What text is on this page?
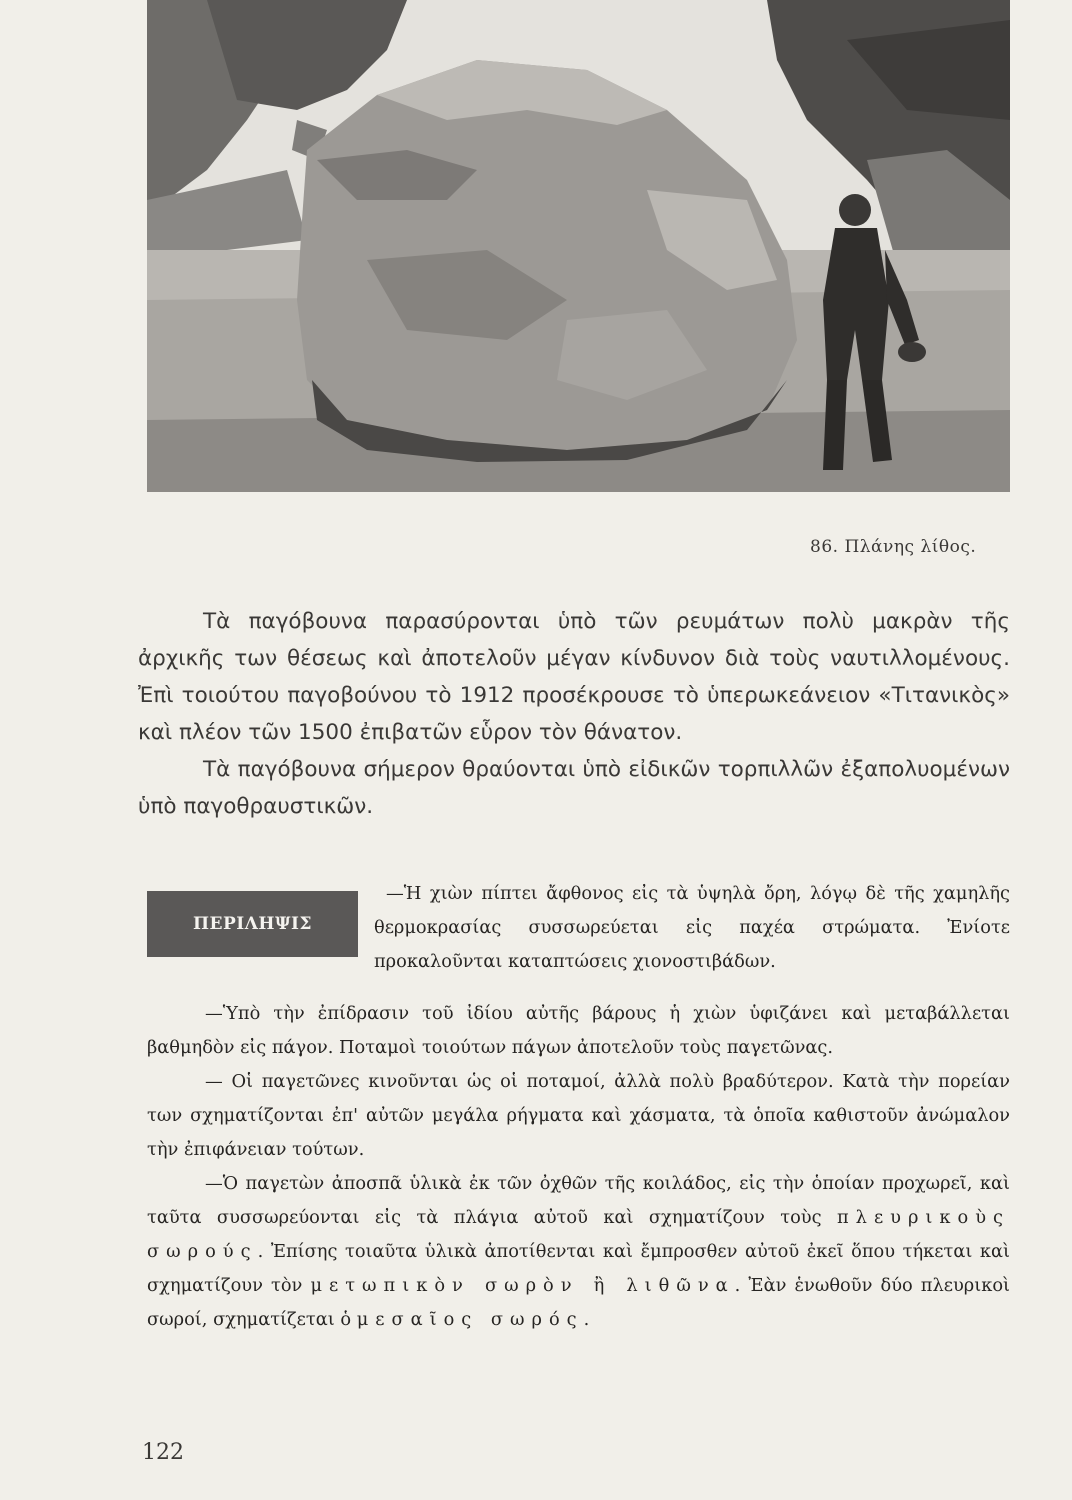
86. Πλάνης λίθος.

Τὰ παγόβουνα παρασύρονται ὑπὸ τῶν ρευμάτων πολὺ μακρὰν τῆς ἀρχικῆς των θέσεως καὶ ἀποτελοῦν μέγαν κίνδυνον διὰ τοὺς ναυτιλλομένους. Ἐπὶ τοιούτου παγοβούνου τὸ 1912 προσέκρουσε τὸ ὑπερωκεάνειον «Τιτανικὸς» καὶ πλέον τῶν 1500 ἐπιβατῶν εὗρον τὸν θάνατον.

Τὰ παγόβουνα σήμερον θραύονται ὑπὸ εἰδικῶν τορπιλλῶν ἐξαπολυομένων ὑπὸ παγοθραυστικῶν.

ΠΕΡΙΛΗΨΙΣ

—Ἡ χιὼν πίπτει ἄφθονος εἰς τὰ ὑψηλὰ ὄρη, λόγῳ δὲ τῆς χαμηλῆς θερμοκρασίας συσσωρεύεται εἰς παχέα στρώματα. Ἐνίοτε προκαλοῦνται καταπτώσεις χιονοστιβάδων.

—Ὑπὸ τὴν ἐπίδρασιν τοῦ ἰδίου αὐτῆς βάρους ἡ χιὼν ὑφιζάνει καὶ μεταβάλλεται βαθμηδὸν εἰς πάγον. Ποταμοὶ τοιούτων πάγων ἀποτελοῦν τοὺς παγετῶνας.

— Οἱ παγετῶνες κινοῦνται ὡς οἱ ποταμοί, ἀλλὰ πολὺ βραδύτερον. Κατὰ τὴν πορείαν των σχηματίζονται ἐπ' αὐτῶν μεγάλα ρήγματα καὶ χάσματα, τὰ ὁποῖα καθιστοῦν ἀνώμαλον τὴν ἐπιφάνειαν τούτων.

—Ὁ παγετὼν ἀποσπᾶ ὑλικὰ ἐκ τῶν ὀχθῶν τῆς κοιλάδος, εἰς τὴν ὁποίαν προχωρεῖ, καὶ ταῦτα συσσωρεύονται εἰς τὰ πλάγια αὐτοῦ καὶ σχηματίζουν τοὺς πλευρικοὺς σωρούς. Ἐπίσης τοιαῦτα ὑλικὰ ἀποτίθενται καὶ ἔμπροσθεν αὐτοῦ ἐκεῖ ὅπου τήκεται καὶ σχηματίζουν τὸν μετωπικὸν σωρὸν ἢ λιθῶνα. Ἐὰν ἑνωθοῦν δύο πλευρικοὶ σωροί, σχηματίζεται ὁ μεσαῖος σωρός.

122
